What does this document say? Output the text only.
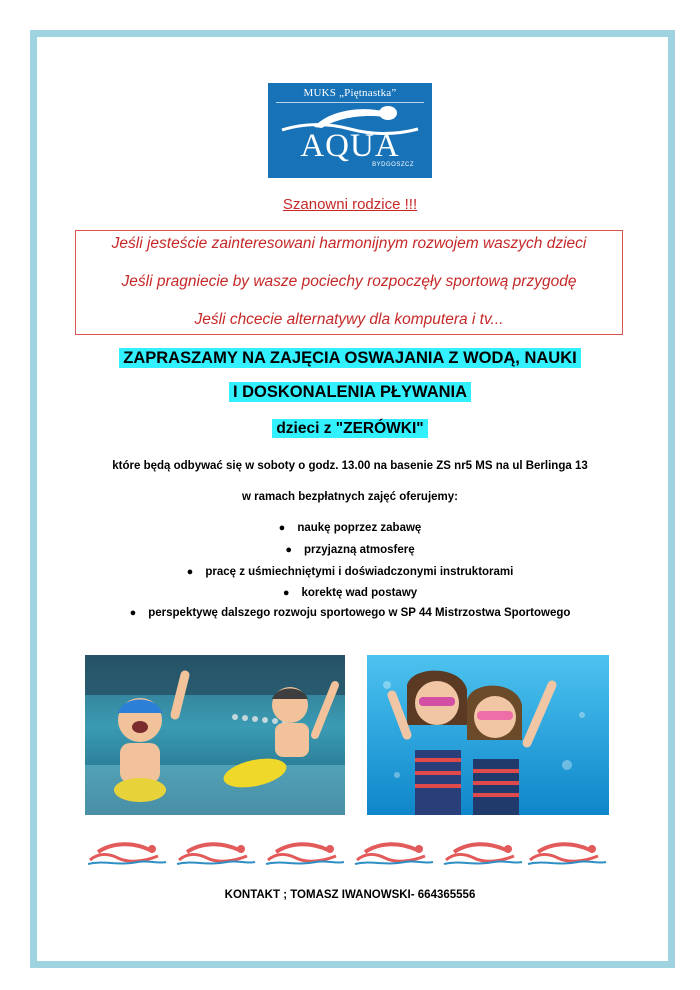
MUKS „Piętnastka”
AQUA
BYDGOSZCZ
Szanowni rodzice !!!

Jeśli jesteście zainteresowani harmonijnym rozwojem waszych dzieci

Jeśli pragniecie by wasze pociechy rozpoczęły sportową przygodę

Jeśli chcecie alternatywy dla komputera i tv...

ZAPRASZAMY NA ZAJĘCIA OSWAJANIA Z WODĄ, NAUKI
I DOSKONALENIA PŁYWANIA
dzieci z "ZERÓWKI"
które będą odbywać się w soboty o godz. 13.00 na basenie ZS nr5 MS na ul Berlinga 13
w ramach bezpłatnych zajęć oferujemy:
● naukę poprzez zabawę
● przyjazną atmosferę
● pracę z uśmiechniętymi i doświadczonymi instruktorami
● korektę wad postawy
● perspektywę dalszego rozwoju sportowego w SP 44 Mistrzostwa Sportowego
KONTAKT ; TOMASZ IWANOWSKI- 664365556
